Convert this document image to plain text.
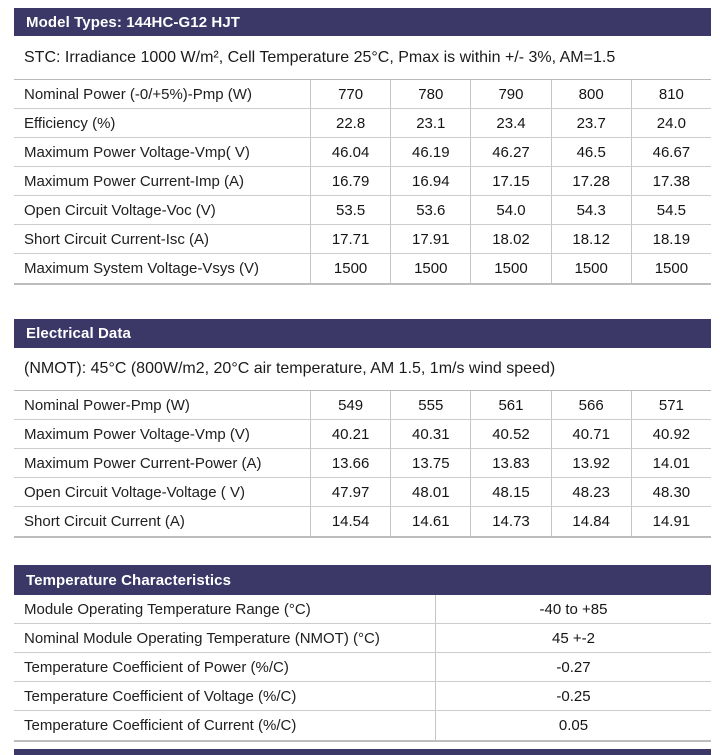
Model Types: 144HC-G12 HJT
STC: Irradiance 1000 W/m², Cell Temperature 25°C, Pmax is within +/- 3%, AM=1.5
Nominal Power (-0/+5%)-Pmp (W)	770	780	790	800	810
Efficiency (%)	22.8	23.1	23.4	23.7	24.0
Maximum Power Voltage-Vmp( V)	46.04	46.19	46.27	46.5	46.67
Maximum Power Current-Imp (A)	16.79	16.94	17.15	17.28	17.38
Open Circuit Voltage-Voc (V)	53.5	53.6	54.0	54.3	54.5
Short Circuit Current-Isc (A)	17.71	17.91	18.02	18.12	18.19
Maximum System Voltage-Vsys (V)	1500	1500	1500	1500	1500
Electrical Data
(NMOT): 45°C (800W/m2, 20°C air temperature, AM 1.5, 1m/s wind speed)
Nominal Power-Pmp (W)	549	555	561	566	571
Maximum Power Voltage-Vmp (V)	40.21	40.31	40.52	40.71	40.92
Maximum Power Current-Power (A)	13.66	13.75	13.83	13.92	14.01
Open Circuit Voltage-Voltage ( V)	47.97	48.01	48.15	48.23	48.30
Short Circuit Current (A)	14.54	14.61	14.73	14.84	14.91
Temperature Characteristics
Module Operating Temperature Range (°C)	-40 to +85
Nominal Module Operating Temperature (NMOT) (°C)	45 +-2
Temperature Coefficient of Power (%/C)	-0.27
Temperature Coefficient of Voltage (%/C)	-0.25
Temperature Coefficient of Current (%/C)	0.05
